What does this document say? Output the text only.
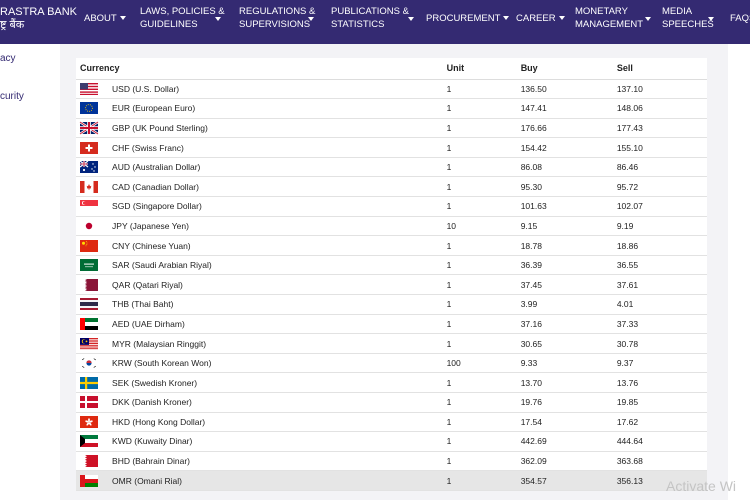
RASTRA BANK
ष्ट्र बैंक
ABOUT
LAWS, POLICIES &
GUIDELINES
REGULATIONS &
SUPERVISIONS
PUBLICATIONS &
STATISTICS
PROCUREMENT	CAREER
MONETARY
MANAGEMENT
MEDIA
SPEECHES
FAQS
acy
curity
Currency		Unit	Buy	Sell
	USD (U.S. Dollar)	1	136.50	137.10
	EUR (European Euro)	1	147.41	148.06
	GBP (UK Pound Sterling)	1	176.66	177.43
	CHF (Swiss Franc)	1	154.42	155.10
	AUD (Australian Dollar)	1	86.08	86.46
	CAD (Canadian Dollar)	1	95.30	95.72
	SGD (Singapore Dollar)	1	101.63	102.07
	JPY (Japanese Yen)	10	9.15	9.19
	CNY (Chinese Yuan)	1	18.78	18.86
	SAR (Saudi Arabian Riyal)	1	36.39	36.55
	QAR (Qatari Riyal)	1	37.45	37.61
	THB (Thai Baht)	1	3.99	4.01
	AED (UAE Dirham)	1	37.16	37.33
	MYR (Malaysian Ringgit)	1	30.65	30.78
	KRW (South Korean Won)	100	9.33	9.37
	SEK (Swedish Kroner)	1	13.70	13.76
	DKK (Danish Kroner)	1	19.76	19.85
	HKD (Hong Kong Dollar)	1	17.54	17.62
	KWD (Kuwaity Dinar)	1	442.69	444.64
	BHD (Bahrain Dinar)	1	362.09	363.68
	OMR (Omani Rial)	1	354.57	356.13 Activate Wi
